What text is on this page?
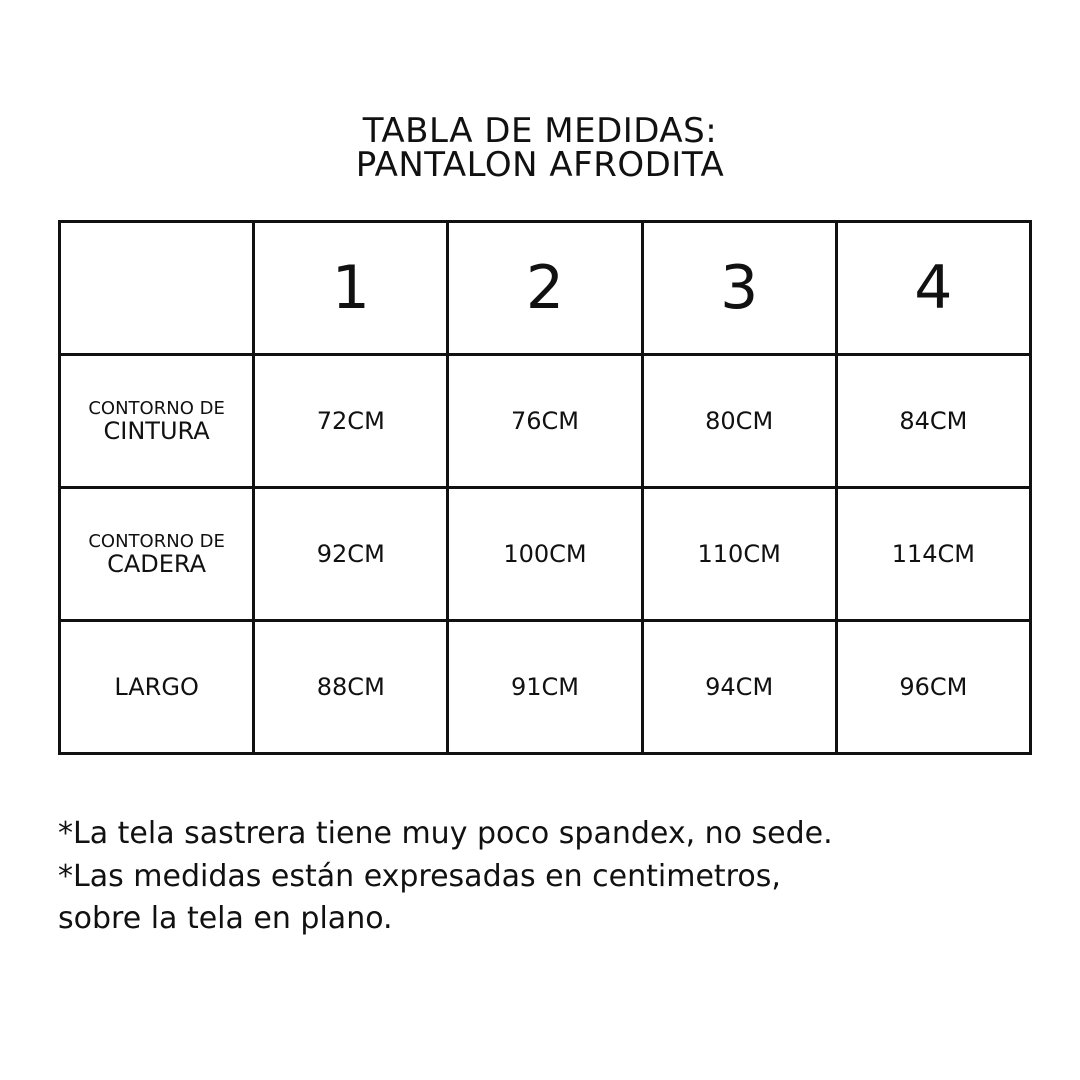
TABLA DE MEDIDAS:
PANTALON AFRODITA
	1	2	3	4

CONTORNO DE
CINTURA	72CM	76CM	80CM	84CM

CONTORNO DE
CADERA	92CM	100CM	110CM	114CM
LARGO	88CM	91CM	94CM	96CM
*La tela sastrera tiene muy poco spandex, no sede.
*Las medidas están expresadas en centimetros,
sobre la tela en plano.
